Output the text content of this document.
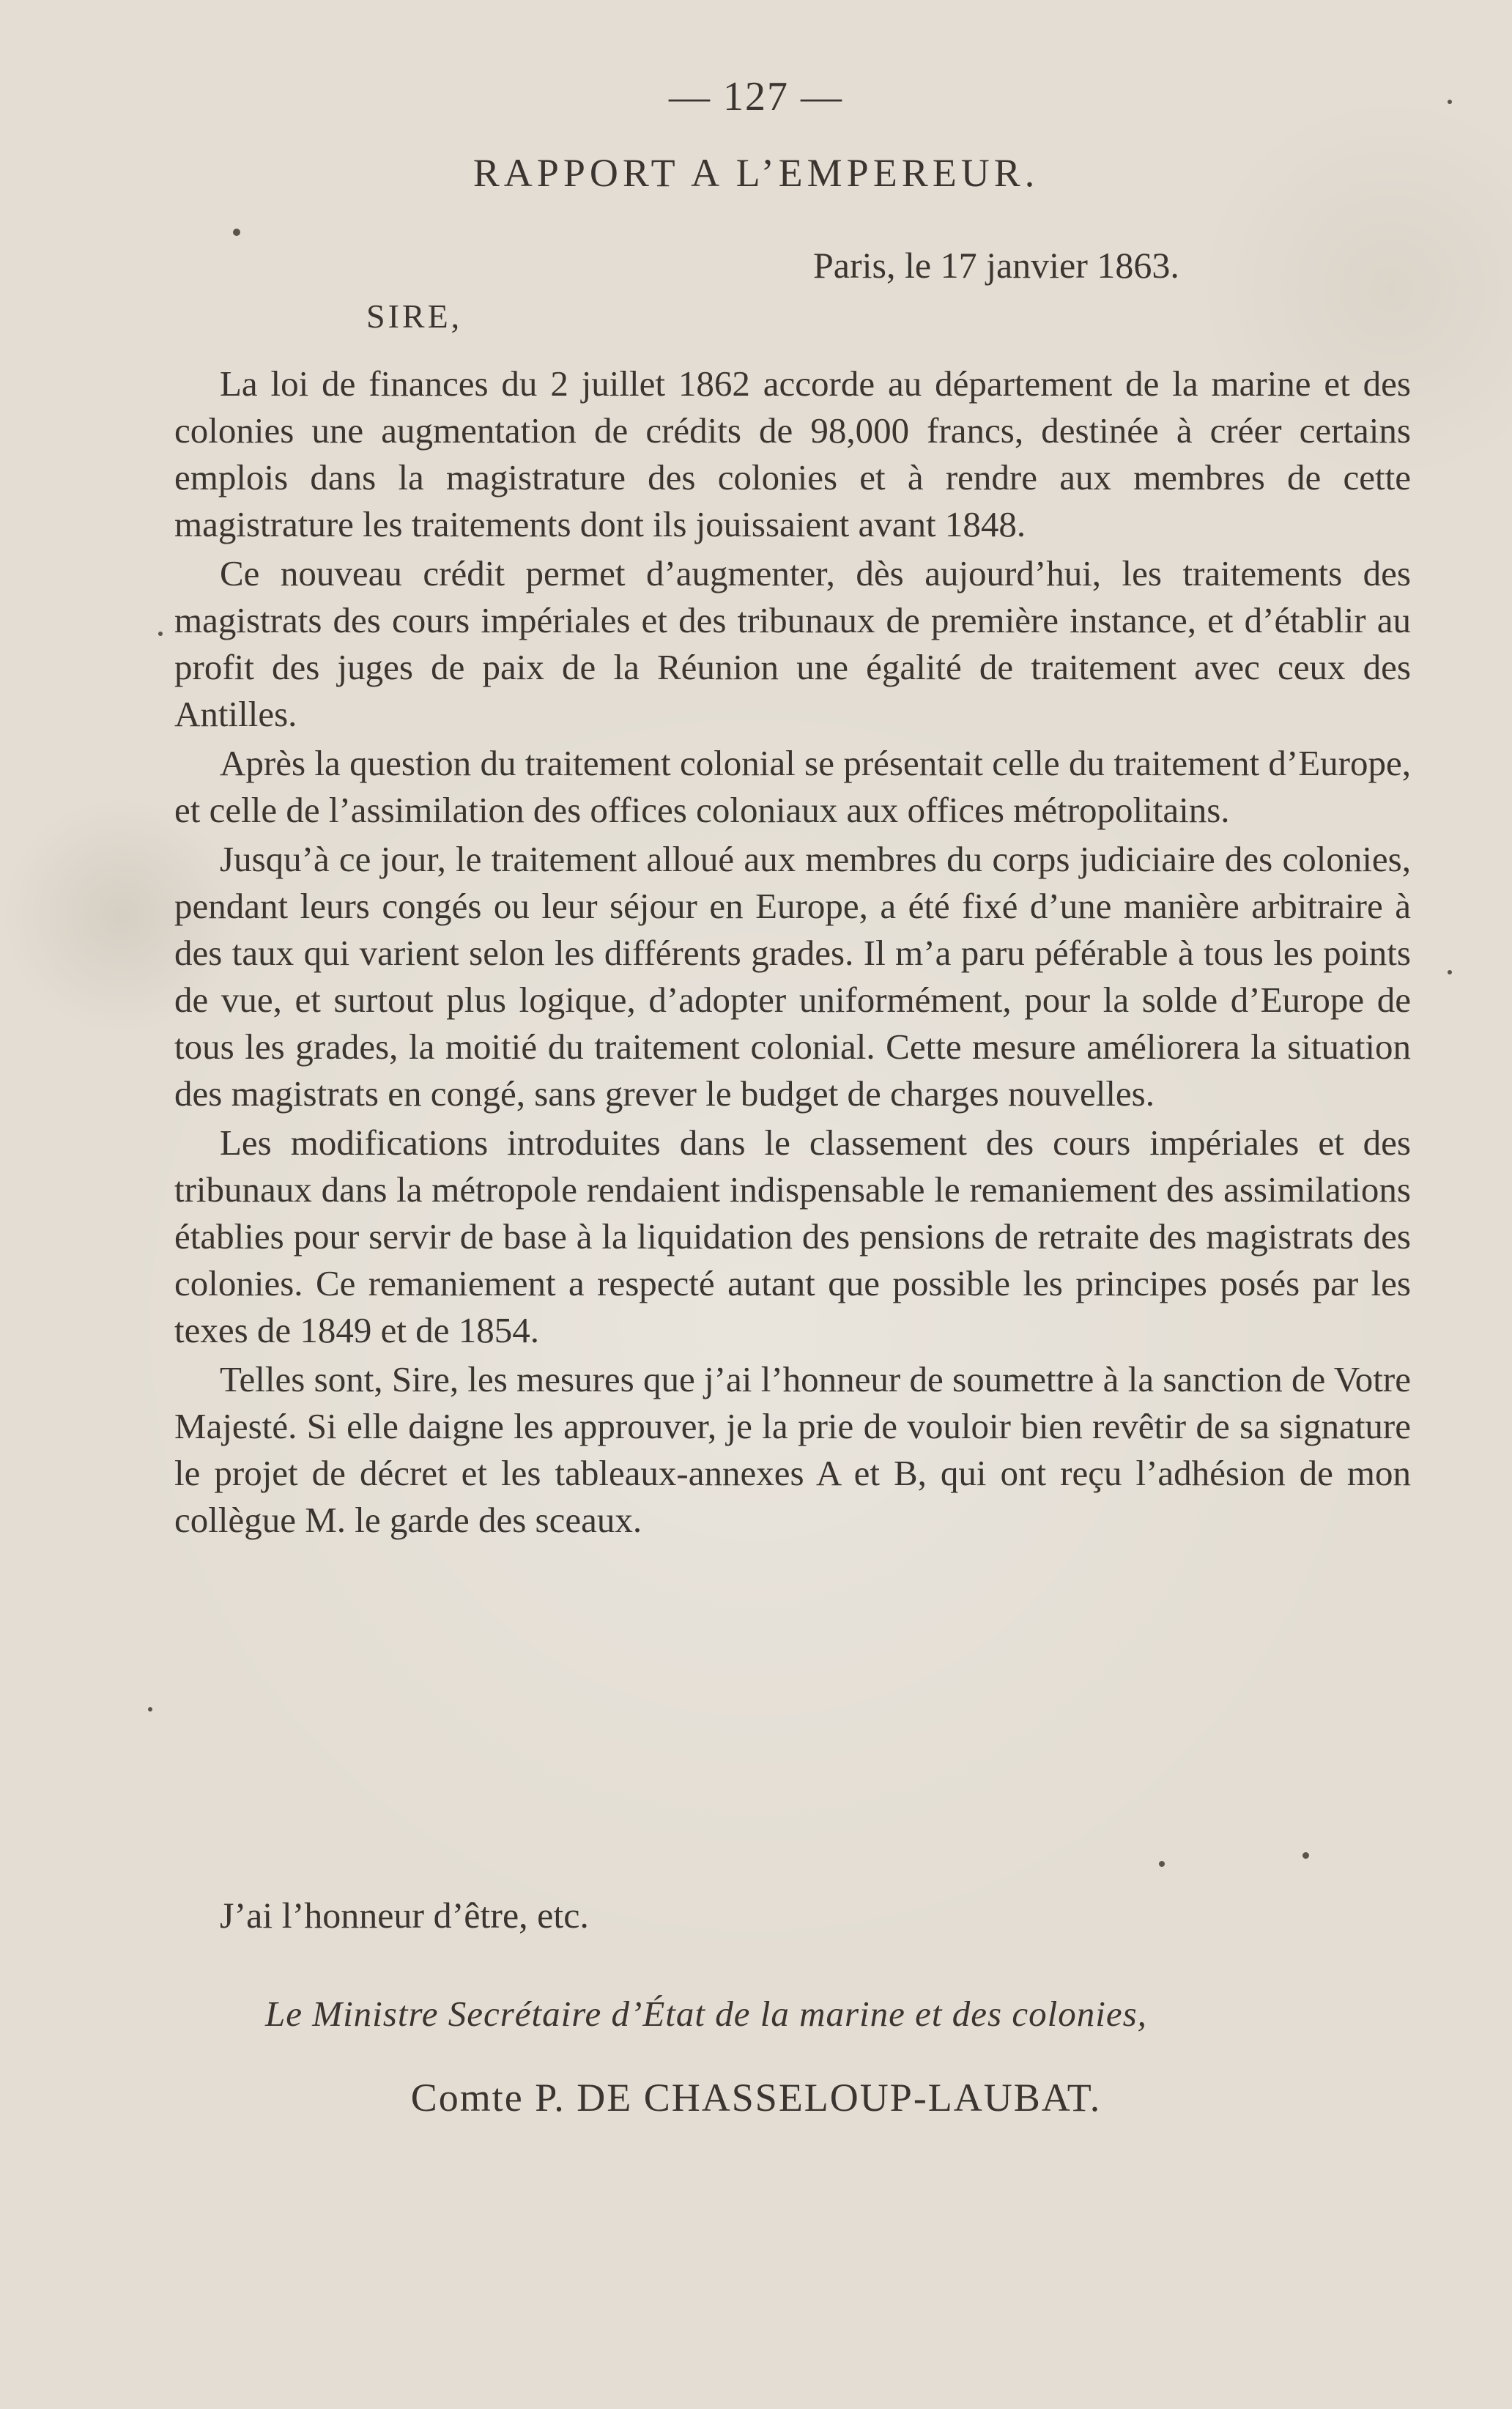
— 127 —
RAPPORT A L’EMPEREUR.
Paris, le 17 janvier 1863.
SIRE,

La loi de finances du 2 juillet 1862 accorde au département de la marine et des colonies une augmentation de crédits de 98,000 francs, destinée à créer certains emplois dans la magistrature des colonies et à rendre aux membres de cette magistrature les traitements dont ils jouissaient avant 1848.

Ce nouveau crédit permet d’augmenter, dès aujourd’hui, les traitements des magistrats des cours impériales et des tribunaux de première instance, et d’établir au profit des juges de paix de la Réunion une égalité de traitement avec ceux des Antilles.

Après la question du traitement colonial se présentait celle du traitement d’Europe, et celle de l’assimilation des offices coloniaux aux offices métropolitains.

Jusqu’à ce jour, le traitement alloué aux membres du corps judiciaire des colonies, pendant leurs congés ou leur séjour en Europe, a été fixé d’une manière arbitraire à des taux qui varient selon les différents grades. Il m’a paru péférable à tous les points de vue, et surtout plus logique, d’adopter uniformément, pour la solde d’Europe de tous les grades, la moitié du traitement colonial. Cette mesure améliorera la situation des magistrats en congé, sans grever le budget de charges nouvelles.

Les modifications introduites dans le classement des cours impériales et des tribunaux dans la métropole rendaient indispensable le remaniement des assimilations établies pour servir de base à la liquidation des pensions de retraite des magistrats des colonies. Ce remaniement a respecté autant que possible les principes posés par les texes de 1849 et de 1854.

Telles sont, Sire, les mesures que j’ai l’honneur de soumettre à la sanction de Votre Majesté. Si elle daigne les approuver, je la prie de vouloir bien revêtir de sa signature le projet de décret et les tableaux-annexes A et B, qui ont reçu l’adhésion de mon collègue M. le garde des sceaux.

J’ai l’honneur d’être, etc.
Le Ministre Secrétaire d’État de la marine et des colonies,
Comte P. DE CHASSELOUP-LAUBAT.
